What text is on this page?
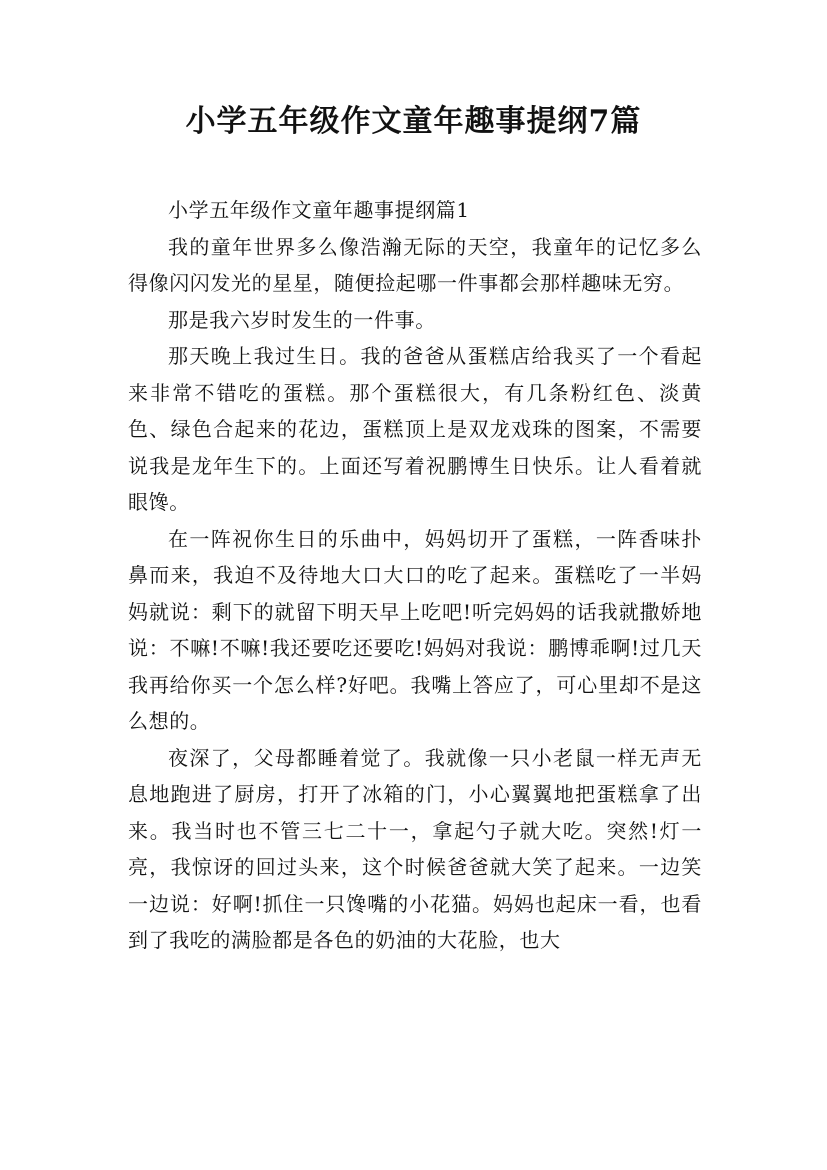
小学五年级作文童年趣事提纲7篇

小学五年级作文童年趣事提纲篇1

我的童年世界多么像浩瀚无际的天空，我童年的记忆多么得像闪闪发光的星星，随便捡起哪一件事都会那样趣味无穷。

那是我六岁时发生的一件事。

那天晚上我过生日。我的爸爸从蛋糕店给我买了一个看起来非常不错吃的蛋糕。那个蛋糕很大，有几条粉红色、淡黄色、绿色合起来的花边，蛋糕顶上是双龙戏珠的图案，不需要说我是龙年生下的。上面还写着祝鹏博生日快乐。让人看着就眼馋。

在一阵祝你生日的乐曲中，妈妈切开了蛋糕，一阵香味扑鼻而来，我迫不及待地大口大口的吃了起来。蛋糕吃了一半妈妈就说：剩下的就留下明天早上吃吧!听完妈妈的话我就撒娇地说：不嘛!不嘛!我还要吃还要吃!妈妈对我说：鹏博乖啊!过几天我再给你买一个怎么样?好吧。我嘴上答应了，可心里却不是这么想的。

夜深了，父母都睡着觉了。我就像一只小老鼠一样无声无息地跑进了厨房，打开了冰箱的门，小心翼翼地把蛋糕拿了出来。我当时也不管三七二十一，拿起勺子就大吃。突然!灯一亮，我惊讶的回过头来，这个时候爸爸就大笑了起来。一边笑一边说：好啊!抓住一只馋嘴的小花猫。妈妈也起床一看，也看到了我吃的满脸都是各色的奶油的大花脸，也大
